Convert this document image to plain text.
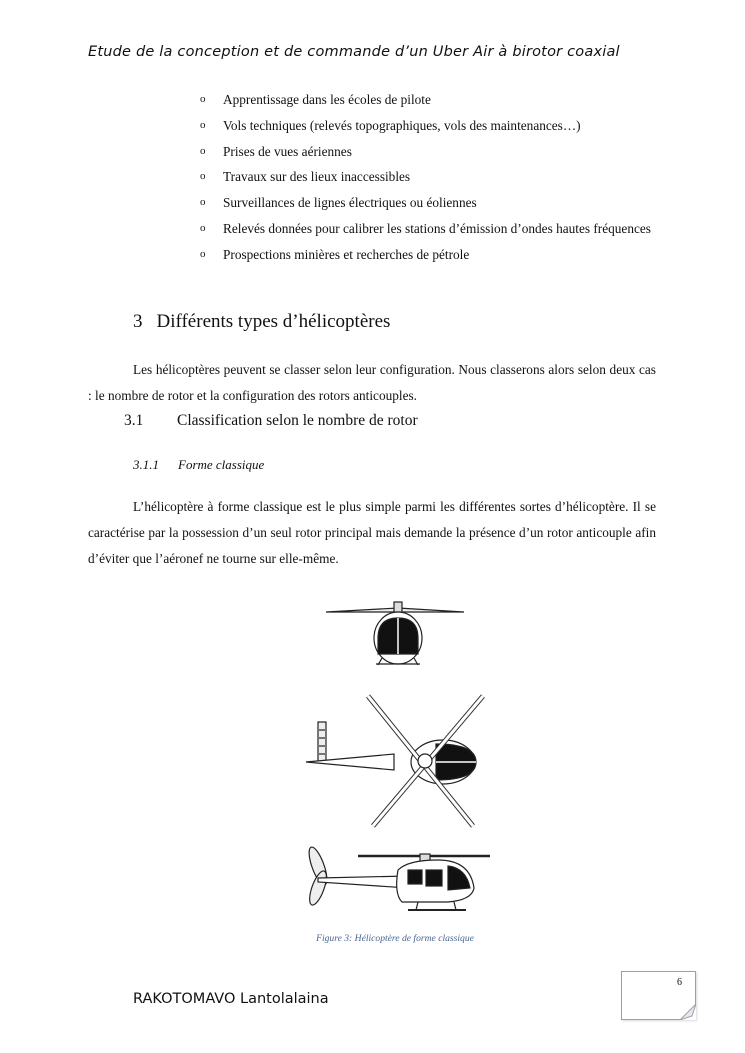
Etude de la conception et de commande d’un Uber Air à birotor coaxial
o Apprentissage dans les écoles de pilote
o Vols techniques (relevés topographiques, vols des maintenances…)
o Prises de vues aériennes
o Travaux sur des lieux inaccessibles
o Surveillances de lignes électriques ou éoliennes
o Relevés données pour calibrer les stations d’émission d’ondes hautes fréquences
o Prospections minières et recherches de pétrole
3 Différents types d’hélicoptères

Les hélicoptères peuvent se classer selon leur configuration. Nous classerons alors selon deux cas : le nombre de rotor et la configuration des rotors anticouples.

3.1 Classification selon le nombre de rotor
3.1.1 Forme classique

L’hélicoptère à forme classique est le plus simple parmi les différentes sortes d’hélicoptère. Il se caractérise par la possession d’un seul rotor principal mais demande la présence d’un rotor anticouple afin d’éviter que l’aéronef ne tourne sur elle-même.

Figure 3: Hélicoptère de forme classique
6
RAKOTOMAVO Lantolalaina
